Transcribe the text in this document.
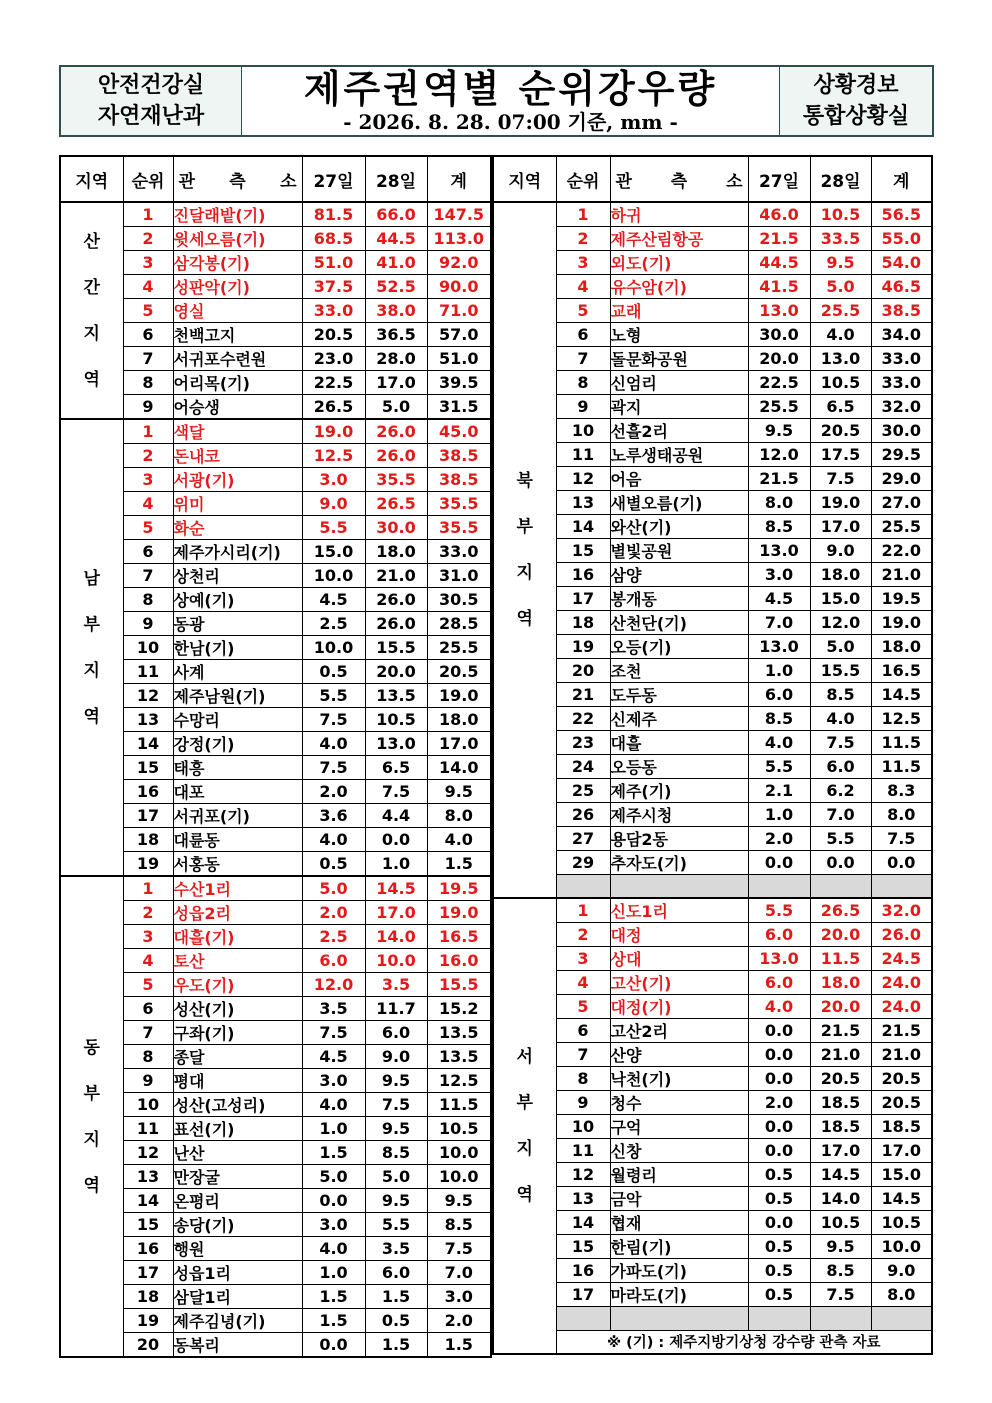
안전건강실
자연재난과
제주권역별 순위강우량
- 2026. 8. 28. 07:00 기준, mm -
상황경보
통합상황실
지역	순위	관 측 소	27일	28일	계

산
간
지
역	1	진달래밭(기)	81.5	66.0	147.5
	2	윗세오름(기)	68.5	44.5	113.0
	3	삼각봉(기)	51.0	41.0	92.0
	4	성판악(기)	37.5	52.5	90.0
	5	영실	33.0	38.0	71.0
	6	천백고지	20.5	36.5	57.0
	7	서귀포수련원	23.0	28.0	51.0
	8	어리목(기)	22.5	17.0	39.5
	9	어승생	26.5	5.0	31.5

남
부
지
역	1	색달	19.0	26.0	45.0
	2	돈내코	12.5	26.0	38.5
	3	서광(기)	3.0	35.5	38.5
	4	위미	9.0	26.5	35.5
	5	화순	5.5	30.0	35.5
	6	제주가시리(기)	15.0	18.0	33.0
	7	상천리	10.0	21.0	31.0
	8	상예(기)	4.5	26.0	30.5
	9	동광	2.5	26.0	28.5
	10	한남(기)	10.0	15.5	25.5
	11	사계	0.5	20.0	20.5
	12	제주남원(기)	5.5	13.5	19.0
	13	수망리	7.5	10.5	18.0
	14	강정(기)	4.0	13.0	17.0
	15	태흥	7.5	6.5	14.0
	16	대포	2.0	7.5	9.5
	17	서귀포(기)	3.6	4.4	8.0
	18	대륜동	4.0	0.0	4.0
	19	서홍동	0.5	1.0	1.5

동
부
지
역	1	수산1리	5.0	14.5	19.5
	2	성읍2리	2.0	17.0	19.0
	3	대흘(기)	2.5	14.0	16.5
	4	토산	6.0	10.0	16.0
	5	우도(기)	12.0	3.5	15.5
	6	성산(기)	3.5	11.7	15.2
	7	구좌(기)	7.5	6.0	13.5
	8	종달	4.5	9.0	13.5
	9	평대	3.0	9.5	12.5
	10	성산(고성리)	4.0	7.5	11.5
	11	표선(기)	1.0	9.5	10.5
	12	난산	1.5	8.5	10.0
	13	만장굴	5.0	5.0	10.0
	14	온평리	0.0	9.5	9.5
	15	송당(기)	3.0	5.5	8.5
	16	행원	4.0	3.5	7.5
	17	성읍1리	1.0	6.0	7.0
	18	삼달1리	1.5	1.5	3.0
	19	제주김녕(기)	1.5	0.5	2.0
	20	동복리	0.0	1.5	1.5
지역	순위	관 측 소	27일	28일	계

북
부
지
역	1	하귀	46.0	10.5	56.5
	2	제주산림항공	21.5	33.5	55.0
	3	외도(기)	44.5	9.5	54.0
	4	유수암(기)	41.5	5.0	46.5
	5	교래	13.0	25.5	38.5
	6	노형	30.0	4.0	34.0
	7	돌문화공원	20.0	13.0	33.0
	8	신엄리	22.5	10.5	33.0
	9	곽지	25.5	6.5	32.0
	10	선흘2리	9.5	20.5	30.0
	11	노루생태공원	12.0	17.5	29.5
	12	어음	21.5	7.5	29.0
	13	새별오름(기)	8.0	19.0	27.0
	14	와산(기)	8.5	17.0	25.5
	15	별빛공원	13.0	9.0	22.0
	16	삼양	3.0	18.0	21.0
	17	봉개동	4.5	15.0	19.5
	18	산천단(기)	7.0	12.0	19.0
	19	오등(기)	13.0	5.0	18.0
	20	조천	1.0	15.5	16.5
	21	도두동	6.0	8.5	14.5
	22	신제주	8.5	4.0	12.5
	23	대흘	4.0	7.5	11.5
	24	오등동	5.5	6.0	11.5
	25	제주(기)	2.1	6.2	8.3
	26	제주시청	1.0	7.0	8.0
	27	용담2동	2.0	5.5	7.5
	29	추자도(기)	0.0	0.0	0.0

서
부
지
역	1	신도1리	5.5	26.5	32.0
	2	대정	6.0	20.0	26.0
	3	상대	13.0	11.5	24.5
	4	고산(기)	6.0	18.0	24.0
	5	대정(기)	4.0	20.0	24.0
	6	고산2리	0.0	21.5	21.5
	7	산양	0.0	21.0	21.0
	8	낙천(기)	0.0	20.5	20.5
	9	청수	2.0	18.5	20.5
	10	구억	0.0	18.5	18.5
	11	신창	0.0	17.0	17.0
	12	월령리	0.5	14.5	15.0
	13	금악	0.5	14.0	14.5
	14	협재	0.0	10.5	10.5
	15	한림(기)	0.5	9.5	10.0
	16	가파도(기)	0.5	8.5	9.0
	17	마라도(기)	0.5	7.5	8.0

	※ (기) : 제주지방기상청 강수량 관측 자료				
